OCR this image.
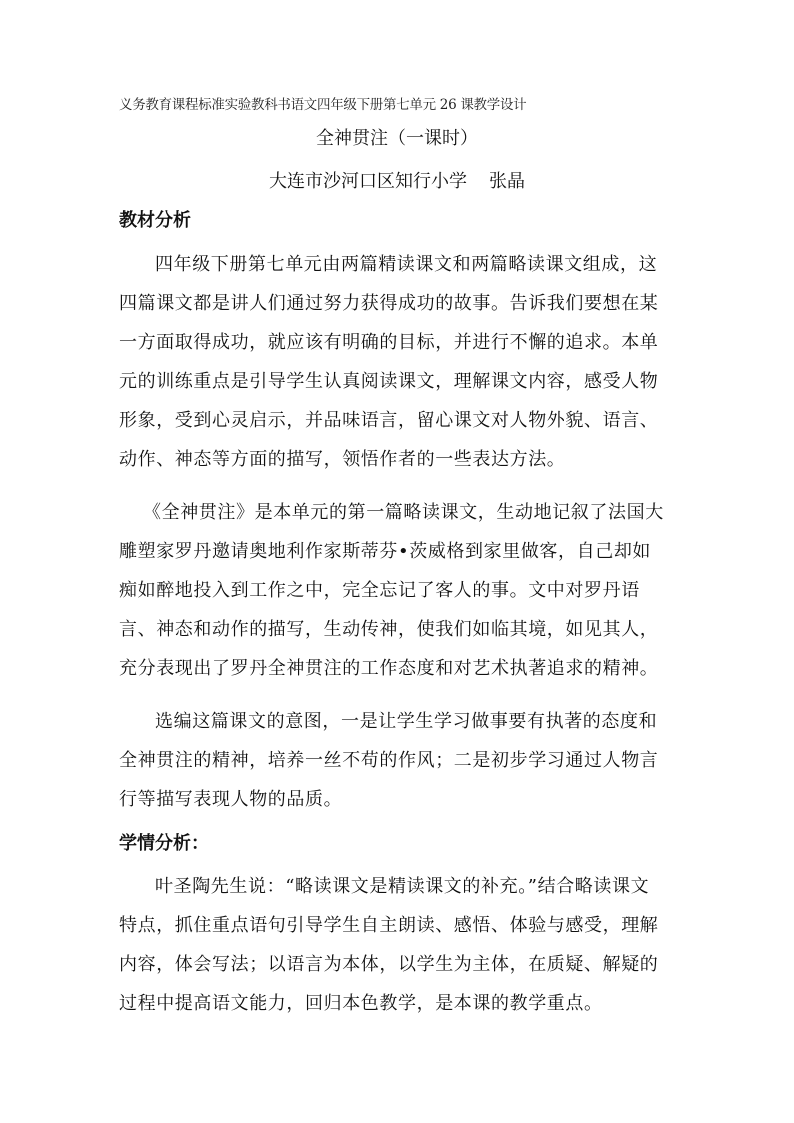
义务教育课程标准实验教科书语文四年级下册第七单元 26 课教学设计
全神贯注（一课时）
大连市沙河口区知行小学 张晶
教材分析
四年级下册第七单元由两篇精读课文和两篇略读课文组成，这
四篇课文都是讲人们通过努力获得成功的故事。告诉我们要想在某
一方面取得成功，就应该有明确的目标，并进行不懈的追求。本单
元的训练重点是引导学生认真阅读课文，理解课文内容，感受人物
形象，受到心灵启示，并品味语言，留心课文对人物外貌、语言、
动作、神态等方面的描写，领悟作者的一些表达方法。
《全神贯注》是本单元的第一篇略读课文，生动地记叙了法国大
雕塑家罗丹邀请奥地利作家斯蒂芬•茨威格到家里做客，自己却如
痴如醉地投入到工作之中，完全忘记了客人的事。文中对罗丹语
言、神态和动作的描写，生动传神，使我们如临其境，如见其人，
充分表现出了罗丹全神贯注的工作态度和对艺术执著追求的精神。
选编这篇课文的意图，一是让学生学习做事要有执著的态度和
全神贯注的精神，培养一丝不苟的作风；二是初步学习通过人物言
行等描写表现人物的品质。
学情分析：
叶圣陶先生说：“略读课文是精读课文的补充。”结合略读课文
特点，抓住重点语句引导学生自主朗读、感悟、体验与感受，理解
内容，体会写法；以语言为本体，以学生为主体，在质疑、解疑的
过程中提高语文能力，回归本色教学，是本课的教学重点。
